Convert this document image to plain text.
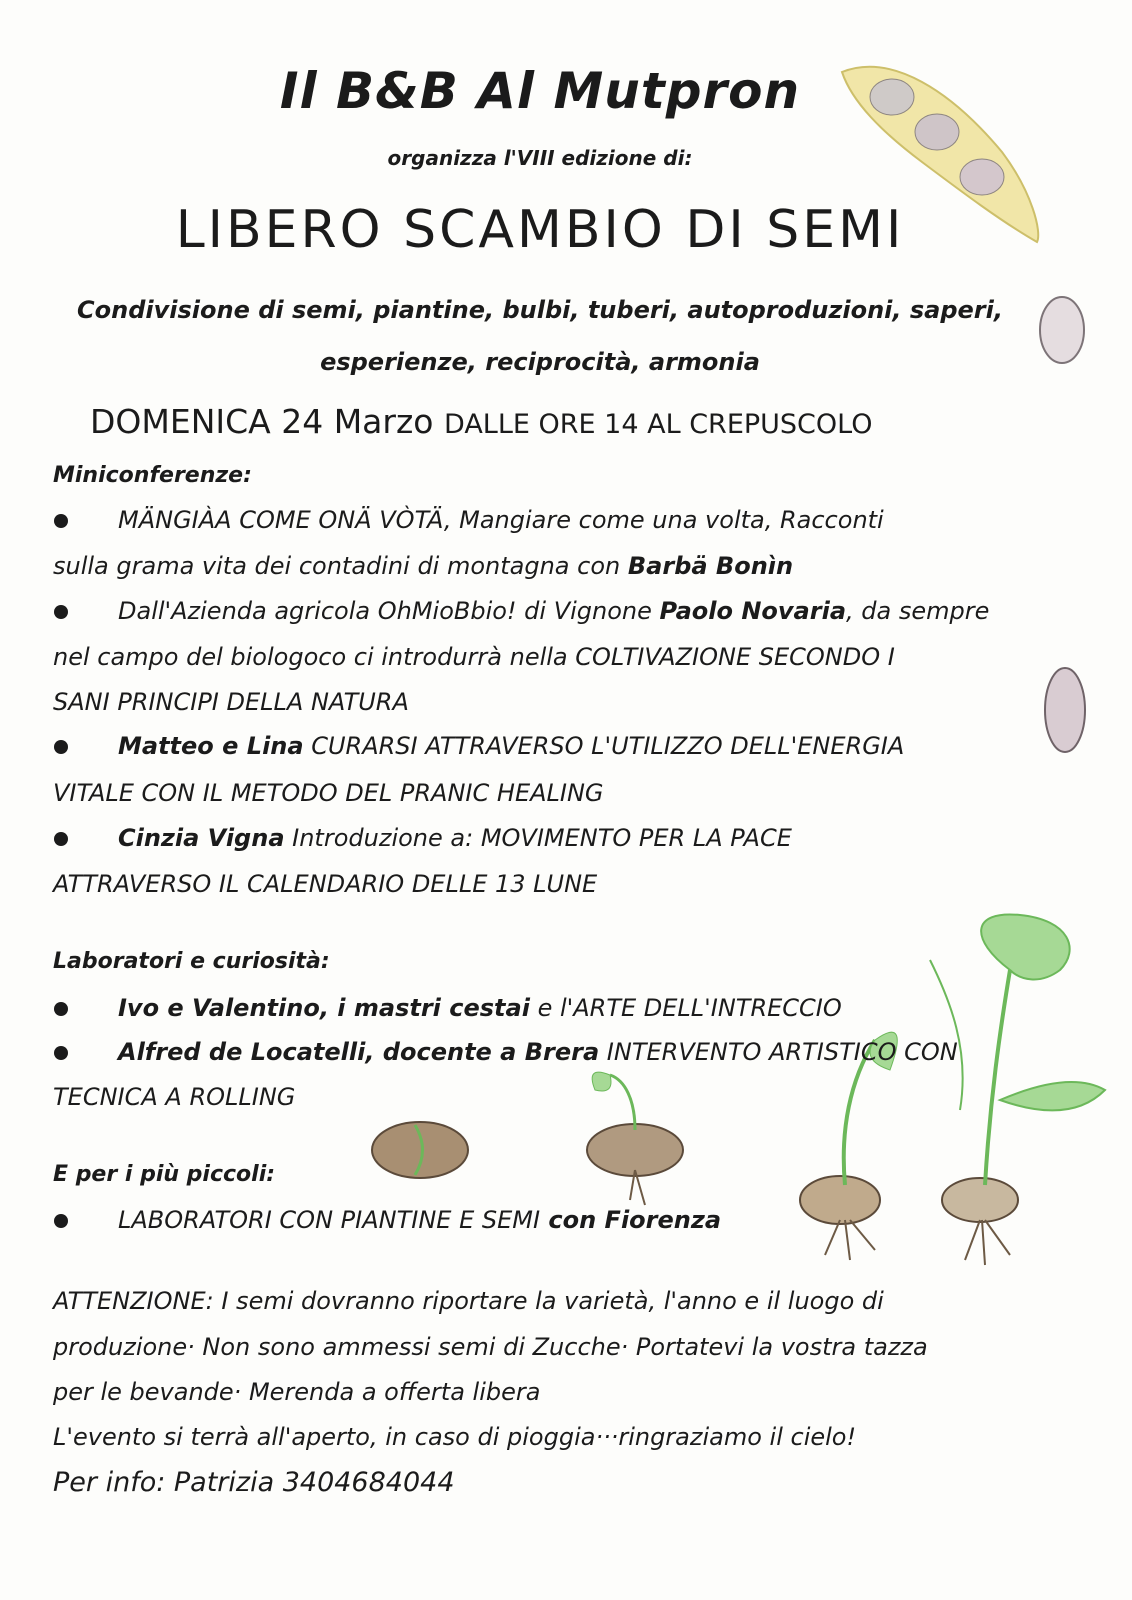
Il B&B Al Mutpron
organizza l'VIII edizione di:
LIBERO SCAMBIO DI SEMI
Condivisione di semi, piantine, bulbi, tuberi, autoproduzioni, saperi,
esperienze, reciprocità, armonia
DOMENICA 24 Marzo DALLE ORE 14 AL CREPUSCOLO
Miniconferenze:
MÄNGIÀA COME ONÄ VÒTÄ, Mangiare come una volta, Racconti
sulla grama vita dei contadini di montagna con Barbä Bonìn
Dall'Azienda agricola OhMioBbio! di Vignone Paolo Novaria, da sempre
nel campo del biologoco ci introdurrà nella COLTIVAZIONE SECONDO I
SANI PRINCIPI DELLA NATURA
Matteo e Lina CURARSI ATTRAVERSO L'UTILIZZO DELL'ENERGIA
VITALE CON IL METODO DEL PRANIC HEALING
Cinzia Vigna Introduzione a: MOVIMENTO PER LA PACE
ATTRAVERSO IL CALENDARIO DELLE 13 LUNE
Laboratori e curiosità:
Ivo e Valentino, i mastri cestai e l'ARTE DELL'INTRECCIO
Alfred de Locatelli, docente a Brera INTERVENTO ARTISTICO CON
TECNICA A ROLLING
E per i più piccoli:
LABORATORI CON PIANTINE E SEMI con Fiorenza
ATTENZIONE: I semi dovranno riportare la varietà, l'anno e il luogo di
produzione· Non sono ammessi semi di Zucche· Portatevi la vostra tazza
per le bevande· Merenda a offerta libera
L'evento si terrà all'aperto, in caso di pioggia···ringraziamo il cielo!
Per info: Patrizia 3404684044
